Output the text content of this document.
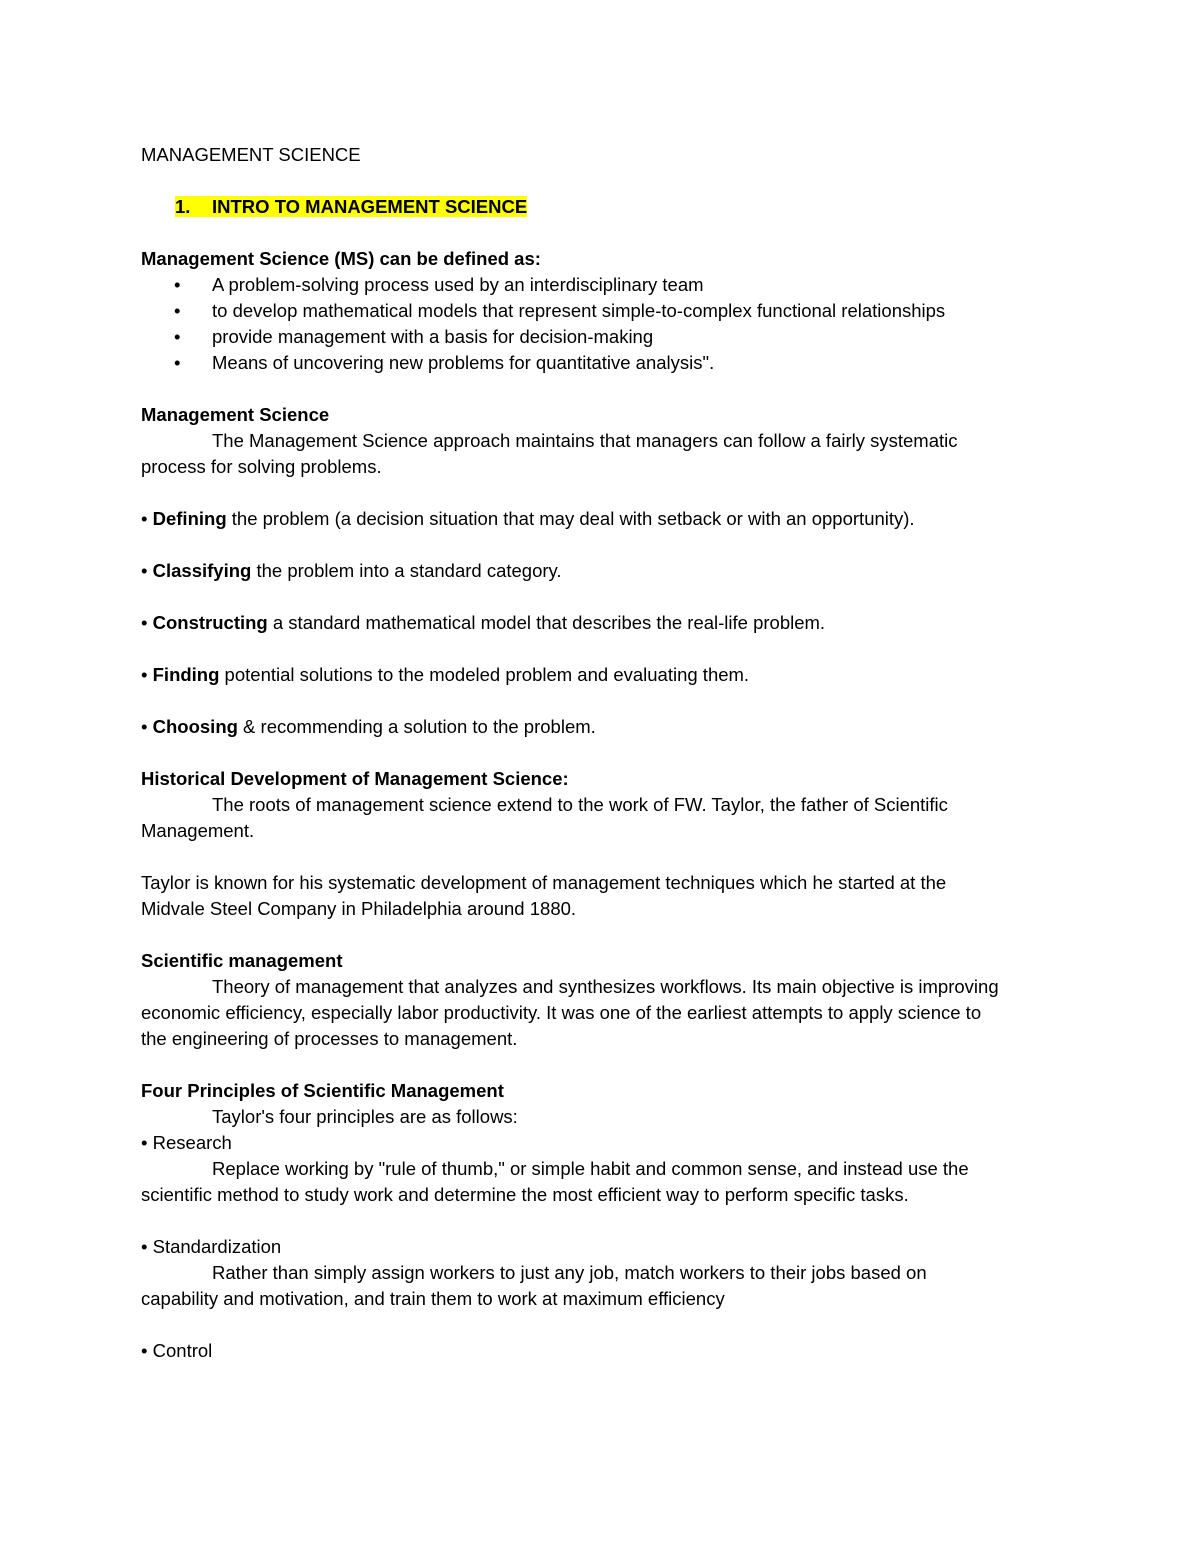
MANAGEMENT SCIENCE
1. INTRO TO MANAGEMENT SCIENCE
Management Science (MS) can be defined as:
• A problem-solving process used by an interdisciplinary team
• to develop mathematical models that represent simple-to-complex functional relationships
• provide management with a basis for decision-making
• Means of uncovering new problems for quantitative analysis".
Management Science
The Management Science approach maintains that managers can follow a fairly systematic
process for solving problems.
• Defining the problem (a decision situation that may deal with setback or with an opportunity).
• Classifying the problem into a standard category.
• Constructing a standard mathematical model that describes the real-life problem.
• Finding potential solutions to the modeled problem and evaluating them.
• Choosing & recommending a solution to the problem.
Historical Development of Management Science:
The roots of management science extend to the work of FW. Taylor, the father of Scientific
Management.
Taylor is known for his systematic development of management techniques which he started at the
Midvale Steel Company in Philadelphia around 1880.
Scientific management
Theory of management that analyzes and synthesizes workflows. Its main objective is improving
economic efficiency, especially labor productivity. It was one of the earliest attempts to apply science to
the engineering of processes to management.
Four Principles of Scientific Management
Taylor's four principles are as follows:
• Research
Replace working by "rule of thumb," or simple habit and common sense, and instead use the
scientific method to study work and determine the most efficient way to perform specific tasks.
• Standardization
Rather than simply assign workers to just any job, match workers to their jobs based on
capability and motivation, and train them to work at maximum efficiency
• Control
